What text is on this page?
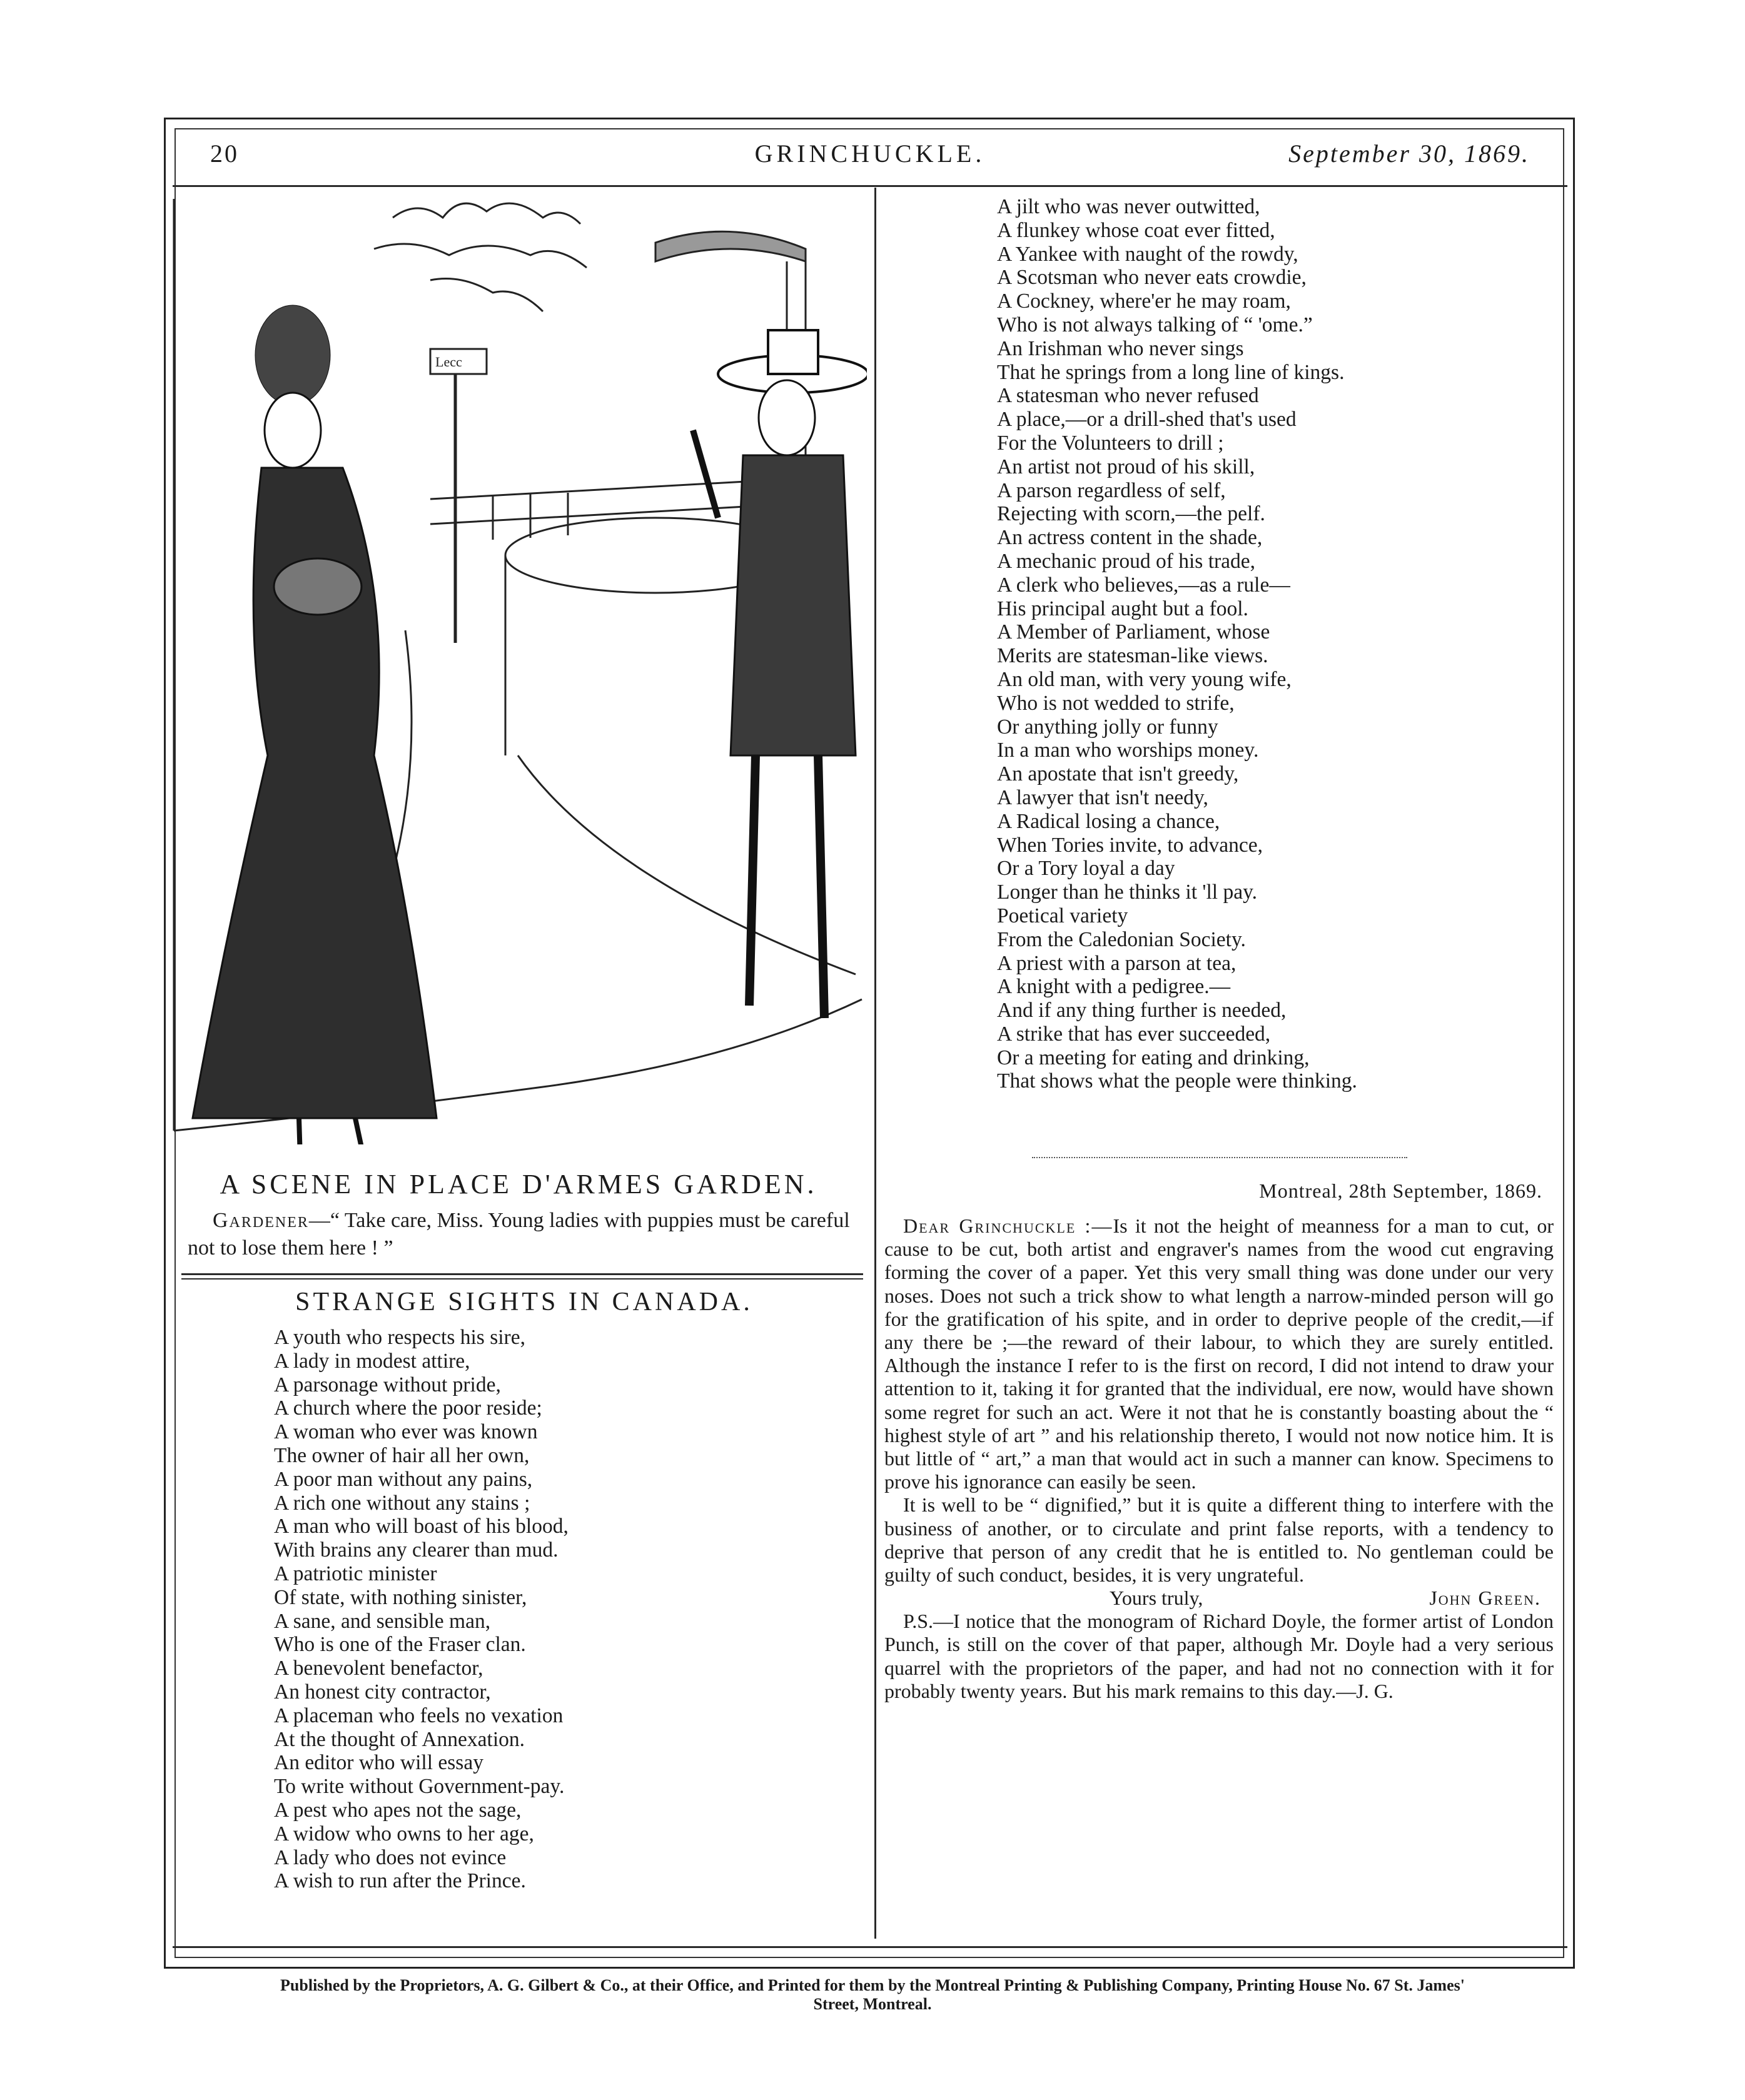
20	GRINCHUCKLE.	September 30, 1869.
Lecc
A SCENE IN PLACE D'ARMES GARDEN.
Gardener—“ Take care, Miss. Young ladies with puppies must be careful not to lose them here ! ”
STRANGE SIGHTS IN CANADA.
A youth who respects his sire,
A lady in modest attire,
A parsonage without pride,
A church where the poor reside;
A woman who ever was known
The owner of hair all her own,
A poor man without any pains,
A rich one without any stains ;
A man who will boast of his blood,
With brains any clearer than mud.
A patriotic minister
Of state, with nothing sinister,
A sane, and sensible man,
Who is one of the Fraser clan.
A benevolent benefactor,
An honest city contractor,
A placeman who feels no vexation
At the thought of Annexation.
An editor who will essay
To write without Government-pay.
A pest who apes not the sage,
A widow who owns to her age,
A lady who does not evince
A wish to run after the Prince.
A jilt who was never outwitted,
A flunkey whose coat ever fitted,
A Yankee with naught of the rowdy,
A Scotsman who never eats crowdie,
A Cockney, where'er he may roam,
Who is not always talking of “ 'ome.”
An Irishman who never sings
That he springs from a long line of kings.
A statesman who never refused
A place,—or a drill-shed that's used
For the Volunteers to drill ;
An artist not proud of his skill,
A parson regardless of self,
Rejecting with scorn,—the pelf.
An actress content in the shade,
A mechanic proud of his trade,
A clerk who believes,—as a rule—
His principal aught but a fool.
A Member of Parliament, whose
Merits are statesman-like views.
An old man, with very young wife,
Who is not wedded to strife,
Or anything jolly or funny
In a man who worships money.
An apostate that isn't greedy,
A lawyer that isn't needy,
A Radical losing a chance,
When Tories invite, to advance,
Or a Tory loyal a day
Longer than he thinks it 'll pay.
Poetical variety
From the Caledonian Society.
A priest with a parson at tea,
A knight with a pedigree.—
And if any thing further is needed,
A strike that has ever succeeded,
Or a meeting for eating and drinking,
That shows what the people were thinking.
Montreal, 28th September, 1869.

Dear Grinchuckle :—Is it not the height of meanness for a man to cut, or cause to be cut, both artist and engraver's names from the wood cut engraving forming the cover of a paper. Yet this very small thing was done under our very noses. Does not such a trick show to what length a narrow-minded person will go for the gratification of his spite, and in order to deprive people of the credit,—if any there be ;—the reward of their labour, to which they are surely entitled. Although the instance I refer to is the first on record, I did not intend to draw your attention to it, taking it for granted that the individual, ere now, would have shown some regret for such an act. Were it not that he is constantly boasting about the “ highest style of art ” and his relationship thereto, I would not now notice him. It is but little of “ art,” a man that would act in such a manner can know. Specimens to prove his ignorance can easily be seen.

It is well to be “ dignified,” but it is quite a different thing to interfere with the business of another, or to circulate and print false reports, with a tendency to deprive that person of any credit that he is entitled to. No gentleman could be guilty of such conduct, besides, it is very ungrateful.

Yours truly,	John Green.

P.S.—I notice that the monogram of Richard Doyle, the former artist of London Punch, is still on the cover of that paper, although Mr. Doyle had a very serious quarrel with the proprietors of the paper, and had not no connection with it for probably twenty years. But his mark remains to this day.—J. G.

Published by the Proprietors, A. G. Gilbert & Co., at their Office, and Printed for them by the Montreal Printing & Publishing Company, Printing House No. 67 St. James'
Street, Montreal.
